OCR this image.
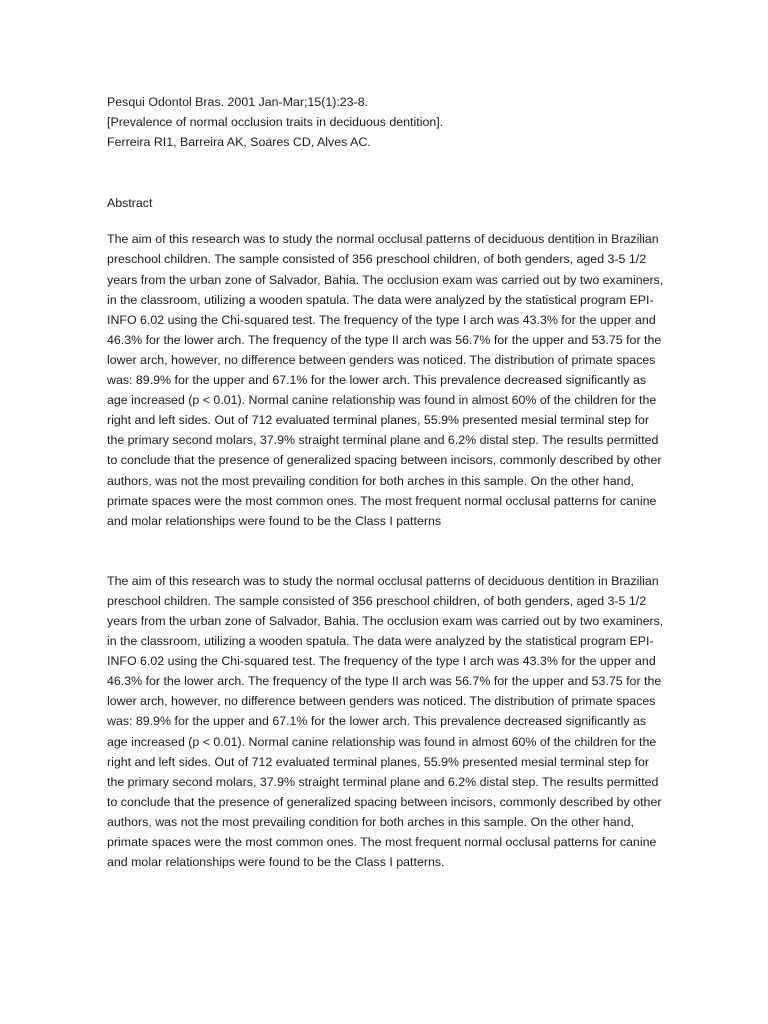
Pesqui Odontol Bras. 2001 Jan-Mar;15(1):23-8.
[Prevalence of normal occlusion traits in deciduous dentition].
Ferreira RI1, Barreira AK, Soares CD, Alves AC.
Abstract

The aim of this research was to study the normal occlusal patterns of deciduous dentition in Brazilian preschool children. The sample consisted of 356 preschool children, of both genders, aged 3-5 1/2 years from the urban zone of Salvador, Bahia. The occlusion exam was carried out by two examiners, in the classroom, utilizing a wooden spatula. The data were analyzed by the statistical program EPI-INFO 6.02 using the Chi-squared test. The frequency of the type I arch was 43.3% for the upper and 46.3% for the lower arch. The frequency of the type II arch was 56.7% for the upper and 53.75 for the lower arch, however, no difference between genders was noticed. The distribution of primate spaces was: 89.9% for the upper and 67.1% for the lower arch. This prevalence decreased significantly as age increased (p < 0.01). Normal canine relationship was found in almost 60% of the children for the right and left sides. Out of 712 evaluated terminal planes, 55.9% presented mesial terminal step for the primary second molars, 37.9% straight terminal plane and 6.2% distal step. The results permitted to conclude that the presence of generalized spacing between incisors, commonly described by other authors, was not the most prevailing condition for both arches in this sample. On the other hand, primate spaces were the most common ones. The most frequent normal occlusal patterns for canine and molar relationships were found to be the Class I patterns

The aim of this research was to study the normal occlusal patterns of deciduous dentition in Brazilian preschool children. The sample consisted of 356 preschool children, of both genders, aged 3-5 1/2 years from the urban zone of Salvador, Bahia. The occlusion exam was carried out by two examiners, in the classroom, utilizing a wooden spatula. The data were analyzed by the statistical program EPI-INFO 6.02 using the Chi-squared test. The frequency of the type I arch was 43.3% for the upper and 46.3% for the lower arch. The frequency of the type II arch was 56.7% for the upper and 53.75 for the lower arch, however, no difference between genders was noticed. The distribution of primate spaces was: 89.9% for the upper and 67.1% for the lower arch. This prevalence decreased significantly as age increased (p < 0.01). Normal canine relationship was found in almost 60% of the children for the right and left sides. Out of 712 evaluated terminal planes, 55.9% presented mesial terminal step for the primary second molars, 37.9% straight terminal plane and 6.2% distal step. The results permitted to conclude that the presence of generalized spacing between incisors, commonly described by other authors, was not the most prevailing condition for both arches in this sample. On the other hand, primate spaces were the most common ones. The most frequent normal occlusal patterns for canine and molar relationships were found to be the Class I patterns.
